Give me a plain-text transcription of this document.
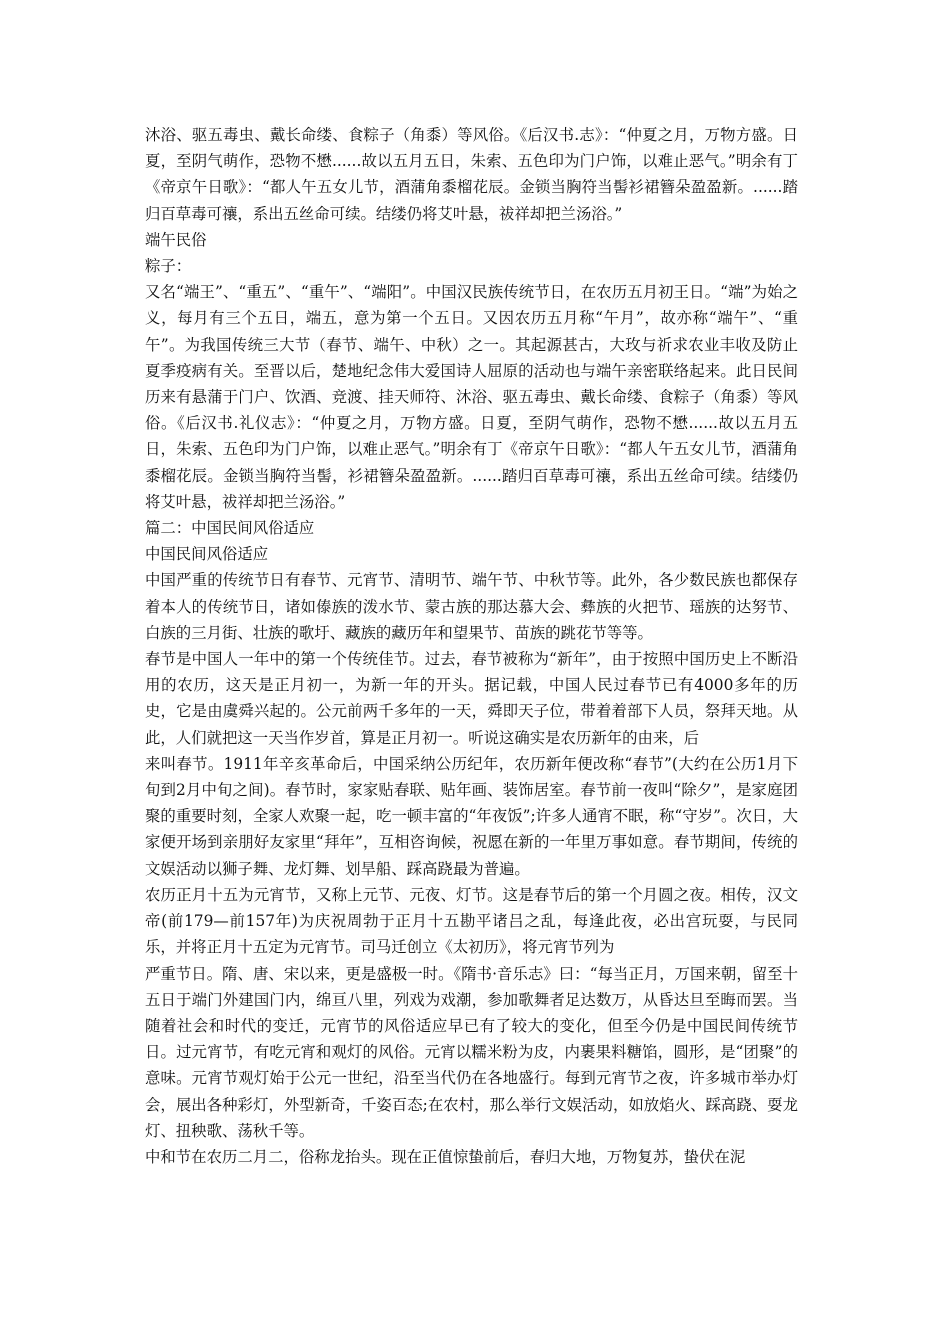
沐浴、驱五毒虫、戴长命缕、食粽子（角黍）等风俗。《后汉书.志》：“仲夏之月，万物方盛。日夏，至阴气萌作，恐物不懋......故以五月五日，朱索、五色印为门户饰，以难止恶气。”明余有丁《帝京午日歌》：“都人午五女儿节，酒蒲角黍榴花辰。金锁当胸符当髻衫裙簪朵盈盈新。......踏归百草毒可禳，系出五丝命可续。结缕仍将艾叶悬，祓祥却把兰汤浴。”

端午民俗

粽子：

又名“端王”、“重五”、“重午”、“端阳”。中国汉民族传统节日，在农历五月初王日。“端”为始之义，每月有三个五日，端五，意为第一个五日。又因农历五月称“午月”，故亦称“端午”、“重午”。为我国传统三大节（春节、端午、中秋）之一。其起源甚古，大玫与祈求农业丰收及防止夏季疫病有关。至晋以后，楚地纪念伟大爱国诗人屈原的活动也与端午亲密联络起来。此日民间历来有悬蒲于门户、饮酒、竞渡、挂天师符、沐浴、驱五毒虫、戴长命缕、食粽子（角黍）等风俗。《后汉书.礼仪志》：“仲夏之月，万物方盛。日夏，至阴气萌作，恐物不懋......故以五月五日，朱索、五色印为门户饰，以难止恶气。”明余有丁《帝京午日歌》：“都人午五女儿节，酒蒲角黍榴花辰。金锁当胸符当髻，衫裙簪朵盈盈新。......踏归百草毒可禳，系出五丝命可续。结缕仍将艾叶悬，祓祥却把兰汤浴。”

篇二：中国民间风俗适应

中国民间风俗适应

中国严重的传统节日有春节、元宵节、清明节、端午节、中秋节等。此外，各少数民族也都保存着本人的传统节日，诸如傣族的泼水节、蒙古族的那达慕大会、彝族的火把节、瑶族的达努节、白族的三月街、壮族的歌圩、藏族的藏历年和望果节、苗族的跳花节等等。

春节是中国人一年中的第一个传统佳节。过去，春节被称为“新年”，由于按照中国历史上不断沿用的农历，这天是正月初一，为新一年的开头。据记载，中国人民过春节已有4000多年的历史，它是由虞舜兴起的。公元前两千多年的一天，舜即天子位，带着着部下人员，祭拜天地。从此，人们就把这一天当作岁首，算是正月初一。听说这确实是农历新年的由来，后

来叫春节。1911年辛亥革命后，中国采纳公历纪年，农历新年便改称“春节”(大约在公历1月下旬到2月中旬之间)。春节时，家家贴春联、贴年画、装饰居室。春节前一夜叫“除夕”，是家庭团聚的重要时刻，全家人欢聚一起，吃一顿丰富的“年夜饭”;许多人通宵不眠，称“守岁”。次日，大家便开场到亲朋好友家里“拜年”，互相咨询候，祝愿在新的一年里万事如意。春节期间，传统的文娱活动以狮子舞、龙灯舞、划旱船、踩高跷最为普遍。

农历正月十五为元宵节，又称上元节、元夜、灯节。这是春节后的第一个月圆之夜。相传，汉文帝(前179—前157年)为庆祝周勃于正月十五勘平诸吕之乱，每逢此夜，必出宫玩耍，与民同乐，并将正月十五定为元宵节。司马迁创立《太初历》，将元宵节列为

严重节日。隋、唐、宋以来，更是盛极一时。《隋书·音乐志》曰：“每当正月，万国来朝，留至十五日于端门外建国门内，绵亘八里，列戏为戏潮，参加歌舞者足达数万，从昏达旦至晦而罢。当随着社会和时代的变迁，元宵节的风俗适应早已有了较大的变化，但至今仍是中国民间传统节日。过元宵节，有吃元宵和观灯的风俗。元宵以糯米粉为皮，内裹果料糖馅，圆形，是“团聚”的意味。元宵节观灯始于公元一世纪，沿至当代仍在各地盛行。每到元宵节之夜，许多城市举办灯会，展出各种彩灯，外型新奇，千姿百态;在农村，那么举行文娱活动，如放焰火、踩高跷、耍龙灯、扭秧歌、荡秋千等。

中和节在农历二月二，俗称龙抬头。现在正值惊蛰前后，春归大地，万物复苏，蛰伏在泥
